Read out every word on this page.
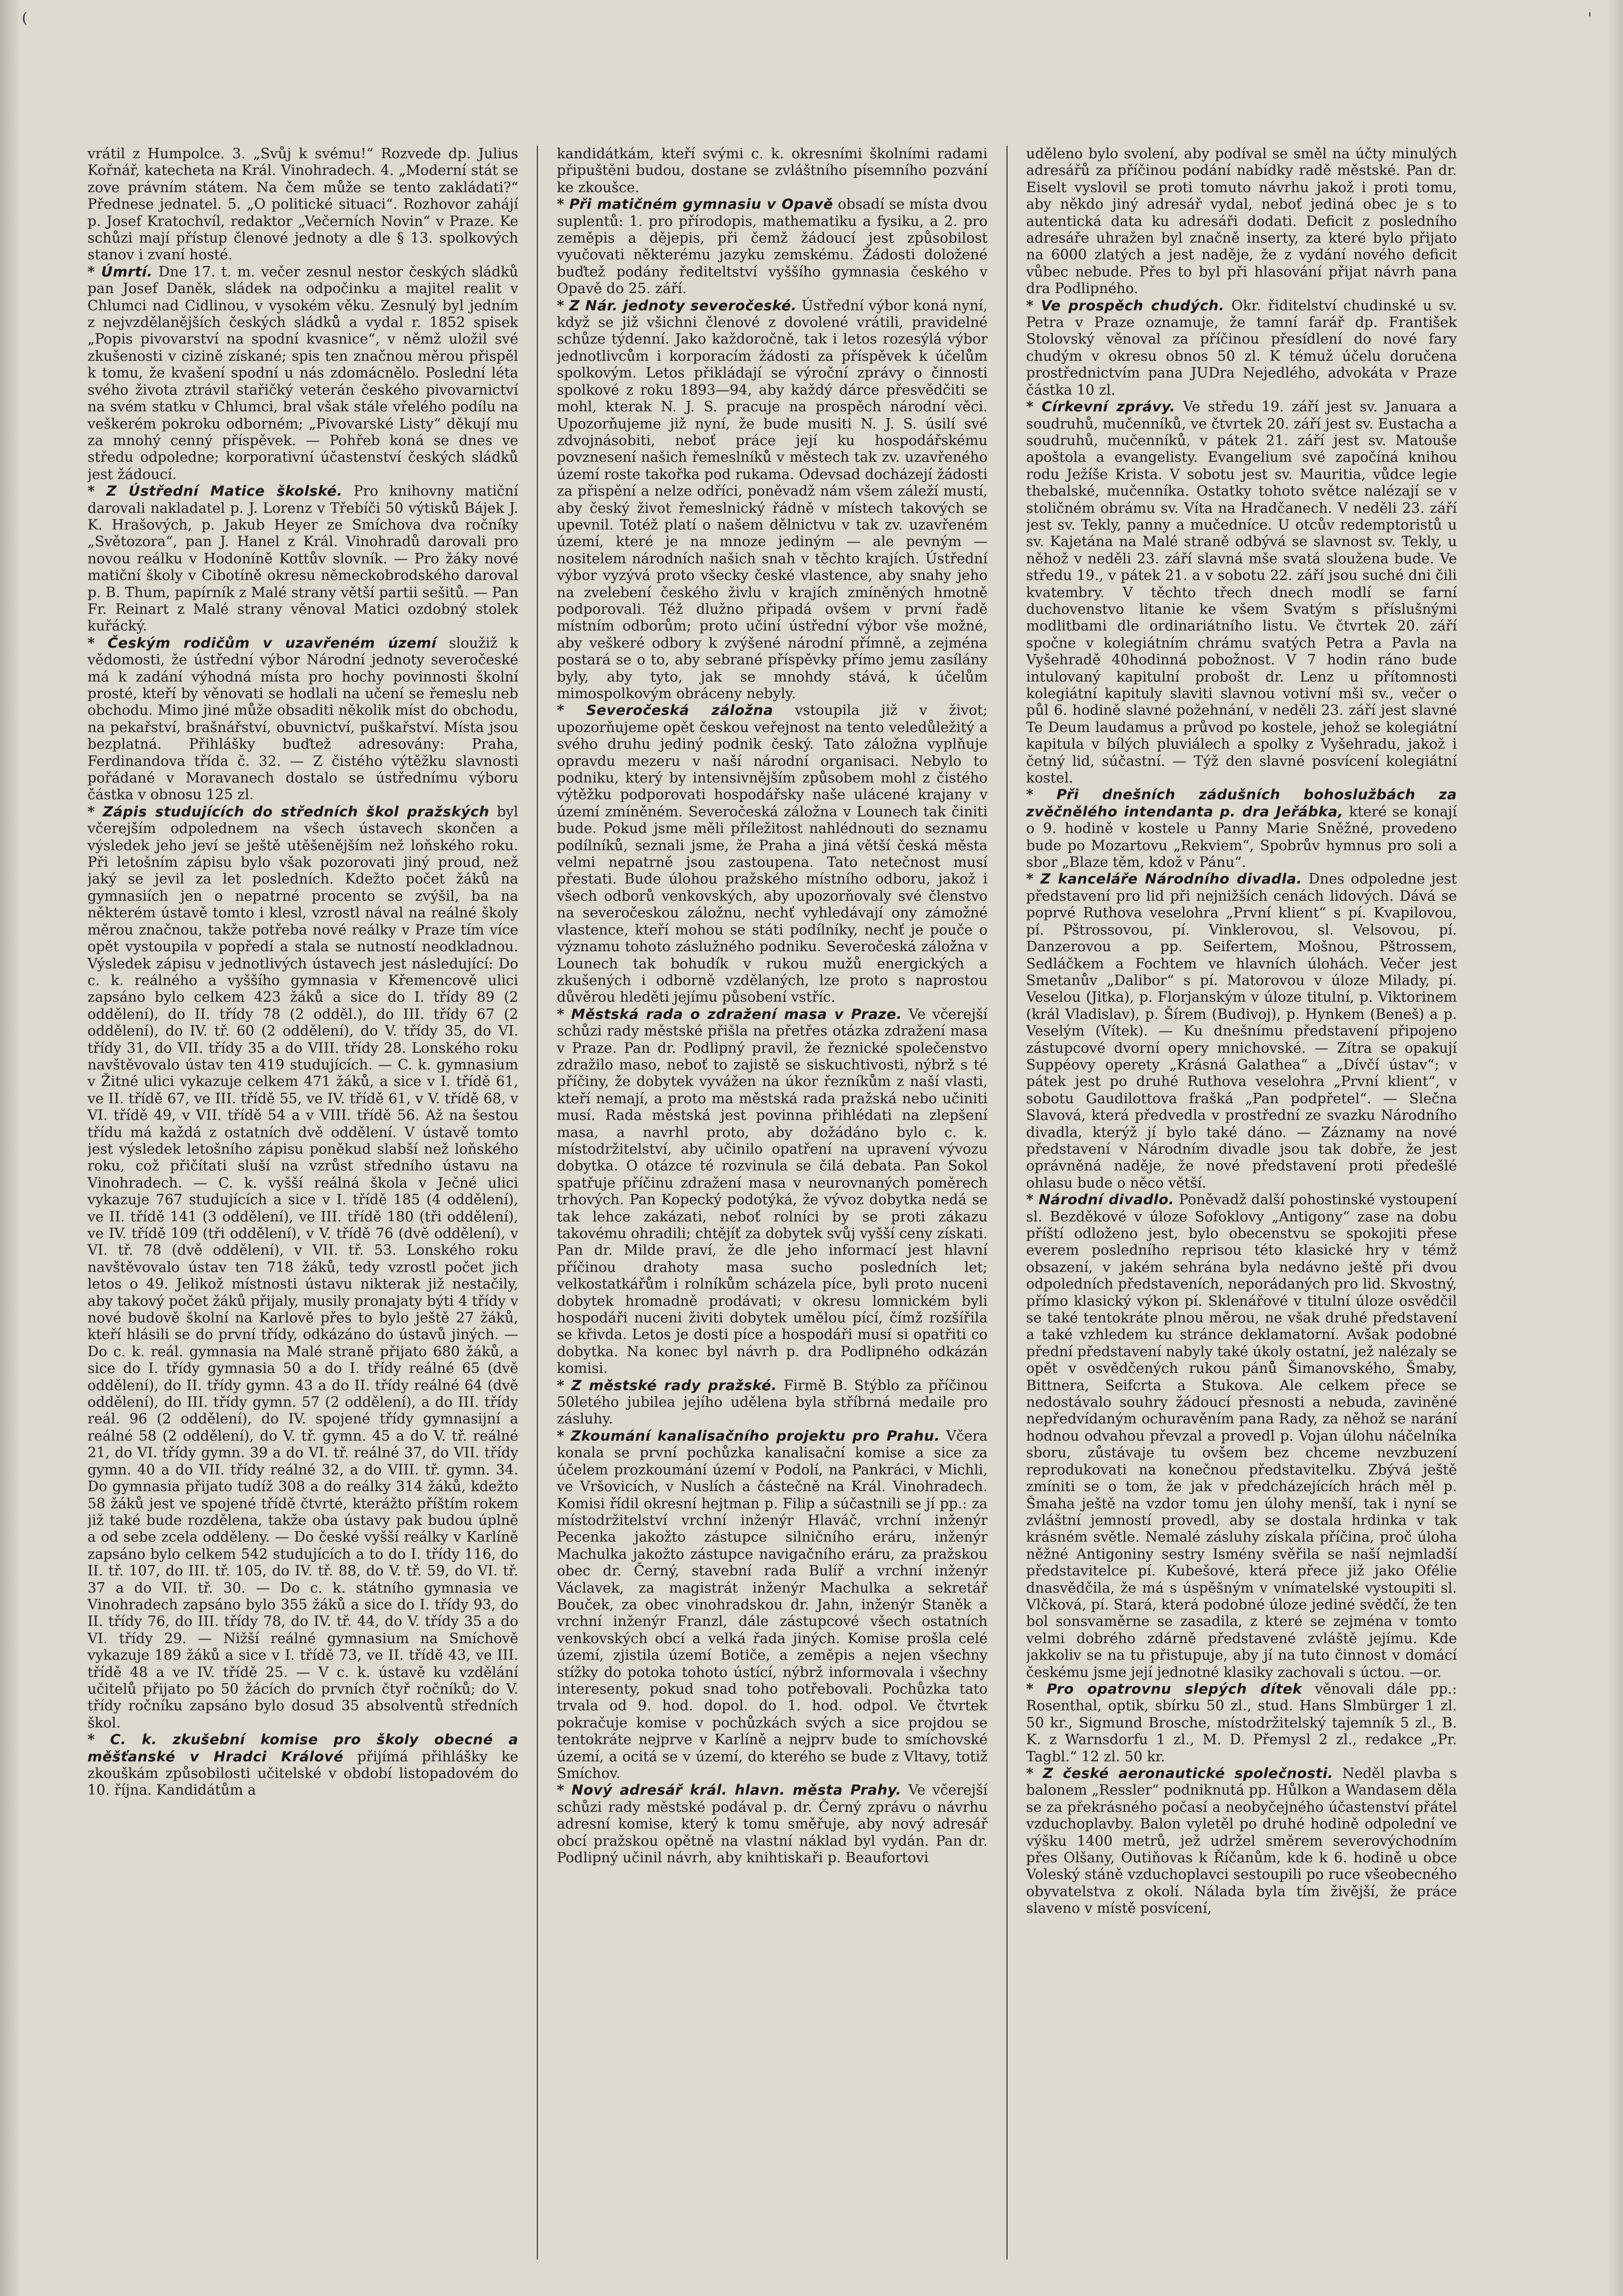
(	'

vrátil z Humpolce. 3. „Svůj k svému!“ Rozvede dp. Julius Kořnář, katecheta na Král. Vinohradech. 4. „Moderní stát se zove právním státem. Na čem může se tento zakládati?“ Přednese jednatel. 5. „O politické situaci“. Rozhovor zahájí p. Josef Kratochvíl, redaktor „Večerních Novin“ v Praze. Ke schůzi mají přístup členové jednoty a dle § 13. spolkových stanov i zvaní hosté.

* Úmrtí. Dne 17. t. m. večer zesnul nestor českých sládků pan Josef Daněk, sládek na odpočinku a majitel realit v Chlumci nad Cidlinou, v vysokém věku. Zesnulý byl jedním z nejvzdělanějších českých sládků a vydal r. 1852 spisek „Popis pivovarství na spodní kvasnice“, v němž uložil své zkušenosti v cizině získané; spis ten značnou měrou přispěl k tomu, že kvašení spodní u nás zdomácnělo. Poslední léta svého života ztrávil stařičký veterán českého pivovarnictví na svém statku v Chlumci, bral však stále vřelého podílu na veškerém pokroku odborném; „Pivovarské Listy“ děkují mu za mnohý cenný příspěvek. — Pohřeb koná se dnes ve středu odpoledne; korporativní účastenství českých sládků jest žádoucí.

* Z Ústřední Matice školské. Pro knihovny matiční darovali nakladatel p. J. Lorenz v Třebíči 50 výtisků Bájek J. K. Hrašových, p. Jakub Heyer ze Smíchova dva ročníky „Světozora“, pan J. Hanel z Král. Vinohradů darovali pro novou reálku v Hodoníně Kottův slovník. — Pro žáky nové matiční školy v Cibotíně okresu německobrodského daroval p. B. Thum, papírník z Malé strany větší partii sešitů. — Pan Fr. Reinart z Malé strany věnoval Matici ozdobný stolek kuřácký.

* Českým rodičům v uzavřeném území sloužiž k vědomosti, že ústřední výbor Národní jednoty severočeské má k zadání výhodná místa pro hochy povinnosti školní prosté, kteří by věnovati se hodlali na učení se řemeslu neb obchodu. Mimo jiné může obsaditi několik míst do obchodu, na pekařství, brašnářství, obuvnictví, puškařství. Místa jsou bezplatná. Přihlášky buďtež adresovány: Praha, Ferdinandova třída č. 32. — Z čistého výtěžku slavnosti pořádané v Moravanech dostalo se ústřednímu výboru částka v obnosu 125 zl.

* Zápis studujících do středních škol pražských byl včerejším odpolednem na všech ústavech skončen a výsledek jeho jeví se ještě utěšenějším než loňského roku. Při letošním zápisu bylo však pozorovati jiný proud, než jaký se jevil za let posledních. Kdežto počet žáků na gymnasiích jen o nepatrné procento se zvýšil, ba na některém ústavě tomto i klesl, vzrostl nával na reálné školy měrou značnou, takže potřeba nové reálky v Praze tím více opět vystoupila v popředí a stala se nutností neodkladnou. Výsledek zápisu v jednotlivých ústavech jest následující: Do c. k. reálného a vyššího gymnasia v Křemencově ulici zapsáno bylo celkem 423 žáků a sice do I. třídy 89 (2 oddělení), do II. třídy 78 (2 odděl.), do III. třídy 67 (2 oddělení), do IV. tř. 60 (2 oddělení), do V. třídy 35, do VI. třídy 31, do VII. třídy 35 a do VIII. třídy 28. Lonského roku navštěvovalo ústav ten 419 studujících. — C. k. gymnasium v Žitné ulici vykazuje celkem 471 žáků, a sice v I. třídě 61, ve II. třídě 67, ve III. třídě 55, ve IV. třídě 61, v V. třídě 68, v VI. třídě 49, v VII. třídě 54 a v VIII. třídě 56. Až na šestou třídu má každá z ostatních dvě oddělení. V ústavě tomto jest výsledek letošního zápisu poněkud slabší než loňského roku, což přičítati sluší na vzrůst středního ústavu na Vinohradech. — C. k. vyšší reálná škola v Ječné ulici vykazuje 767 studujících a sice v I. třídě 185 (4 oddělení), ve II. třídě 141 (3 oddělení), ve III. třídě 180 (tři oddělení), ve IV. třídě 109 (tři oddělení), v V. třídě 76 (dvě oddělení), v VI. tř. 78 (dvě oddělení), v VII. tř. 53. Lonského roku navštěvovalo ústav ten 718 žáků, tedy vzrostl počet jich letos o 49. Jelikož místnosti ústavu nikterak již nestačily, aby takový počet žáků přijaly, musily pronajaty býti 4 třídy v nové budově školní na Karlově přes to bylo ještě 27 žáků, kteří hlásili se do první třídy, odkázáno do ústavů jiných. — Do c. k. reál. gymnasia na Malé straně přijato 680 žáků, a sice do I. třídy gymnasia 50 a do I. třídy reálné 65 (dvě oddělení), do II. třídy gymn. 43 a do II. třídy reálné 64 (dvě oddělení), do III. třídy gymn. 57 (2 oddělení), a do III. třídy reál. 96 (2 oddělení), do IV. spojené třídy gymnasijní a reálné 58 (2 oddělení), do V. tř. gymn. 45 a do V. tř. reálné 21, do VI. třídy gymn. 39 a do VI. tř. reálné 37, do VII. třídy gymn. 40 a do VII. třídy reálné 32, a do VIII. tř. gymn. 34. Do gymnasia přijato tudíž 308 a do reálky 314 žáků, kdežto 58 žáků jest ve spojené třídě čtvrté, kterážto příštím rokem již také bude rozdělena, takže oba ústavy pak budou úplně a od sebe zcela odděleny. — Do české vyšší reálky v Karlíně zapsáno bylo celkem 542 studujících a to do I. třídy 116, do II. tř. 107, do III. tř. 105, do IV. tř. 88, do V. tř. 59, do VI. tř. 37 a do VII. tř. 30. — Do c. k. státního gymnasia ve Vinohradech zapsáno bylo 355 žáků a sice do I. třídy 93, do II. třídy 76, do III. třídy 78, do IV. tř. 44, do V. třídy 35 a do VI. třídy 29. — Nižší reálné gymnasium na Smíchově vykazuje 189 žáků a sice v I. třídě 73, ve II. třídě 43, ve III. třídě 48 a ve IV. třídě 25. — V c. k. ústavě ku vzdělání učitelů přijato po 50 žácích do prvních čtyř ročníků; do V. třídy ročníku zapsáno bylo dosud 35 absolventů středních škol.

* C. k. zkušební komise pro školy obecné a měšťanské v Hradci Králové přijímá přihlášky ke zkouškám způsobilosti učitelské v období listopadovém do 10. října. Kandidátům a

kandidátkám, kteří svými c. k. okresními školními radami připuštěni budou, dostane se zvláštního písemního pozvání ke zkoušce.

* Při matičném gymnasiu v Opavě obsadí se místa dvou suplentů: 1. pro přírodopis, mathematiku a fysiku, a 2. pro zeměpis a dějepis, při čemž žádoucí jest způsobilost vyučovati některému jazyku zemskému. Žádosti doložené buďtež podány řediteltství vyššího gymnasia českého v Opavě do 25. září.

* Z Nár. jednoty severočeské. Ústřední výbor koná nyní, když se již všichni členové z dovolené vrátili, pravidelné schůze týdenní. Jako každoročně, tak i letos rozesýlá výbor jednotlivcům i korporacím žádosti za příspěvek k účelům spolkovým. Letos přikládají se výroční zprávy o činnosti spolkové z roku 1893—94, aby každý dárce přesvědčiti se mohl, kterak N. J. S. pracuje na prospěch národní věci. Upozorňujeme již nyní, že bude musiti N. J. S. úsilí své zdvojnásobiti, neboť práce její ku hospodářskému povznesení našich řemeslníků v městech tak zv. uzavřeného území roste takořka pod rukama. Odevsad docházejí žádosti za přispění a nelze odříci, poněvadž nám všem záleží mustí, aby český život řemeslnický řádně v místech takových se upevnil. Totéž platí o našem dělnictvu v tak zv. uzavřeném území, které je na mnoze jediným — ale pevným — nositelem národních našich snah v těchto krajích. Ústřední výbor vyzývá proto všecky české vlastence, aby snahy jeho na zvelebení českého živlu v krajích zmíněných hmotně podporovali. Též dlužno připadá ovšem v první řadě místním odborům; proto učiní ústřední výbor vše možné, aby veškeré odbory k zvýšené národní přímně, a zejména postará se o to, aby sebrané příspěvky přímo jemu zasílány byly, aby tyto, jak se mnohdy stává, k účelům mimospolkovým obráceny nebyly.

* Severočeská záložna vstoupila již v život; upozorňujeme opět českou veřejnost na tento veledůležitý a svého druhu jediný podnik český. Tato záložna vyplňuje opravdu mezeru v naší národní organisaci. Nebylo to podniku, který by intensivnějším způsobem mohl z čistého výtěžku podporovati hospodářsky naše ulácené krajany v území zmíněném. Severočeská záložna v Lounech tak činiti bude. Pokud jsme měli příležitost nahlédnouti do seznamu podílníků, seznali jsme, že Praha a jiná větší česká města velmi nepatrně jsou zastoupena. Tato netečnost musí přestati. Bude úlohou pražského místního odboru, jakož i všech odborů venkovských, aby upozorňovaly své členstvo na severočeskou záložnu, nechť vyhledávají ony zámožné vlastence, kteří mohou se státi podílníky, nechť je pouče o významu tohoto záslužného podniku. Severočeská záložna v Lounech tak bohudík v rukou mužů energických a zkušených i odborně vzdělaných, lze proto s naprostou důvěrou hleděti jejímu působení vstříc.

* Městská rada o zdražení masa v Praze. Ve včerejší schůzi rady městské přišla na přetřes otázka zdražení masa v Praze. Pan dr. Podlipný pravil, že řeznické společenstvo zdražilo maso, neboť to zajistě se siskuchtivosti, nýbrž s té příčiny, že dobytek vyvážen na úkor řezníkům z naší vlasti, kteří nemají, a proto ma městská rada pražská nebo učiniti musí. Rada městská jest povinna přihlédati na zlepšení masa, a navrhl proto, aby dožádáno bylo c. k. místodržitelství, aby učinilo opatření na upravení vývozu dobytka. O otázce té rozvinula se čilá debata. Pan Sokol spatřuje příčinu zdražení masa v neurovnaných poměrech trhových. Pan Kopecký podotýká, že vývoz dobytka nedá se tak lehce zakázati, neboť rolníci by se proti zákazu takovému ohradili; chtějíť za dobytek svůj vyšší ceny získati. Pan dr. Milde praví, že dle jeho informací jest hlavní příčinou drahoty masa sucho posledních let; velkostatkářům i rolníkům scházela píce, byli proto nuceni dobytek hromadně prodávati; v okresu lomnickém byli hospodáři nuceni živiti dobytek umělou pící, čímž rozšířila se křivda. Letos je dosti píce a hospodáři musí si opatřiti co dobytka. Na konec byl návrh p. dra Podlipného odkázán komisi.

* Z městské rady pražské. Firmě B. Stýblo za příčinou 50letého jubilea jejího udělena byla stříbrná medaile pro zásluhy.

* Zkoumání kanalisačního projektu pro Prahu. Včera konala se první pochůzka kanalisační komise a sice za účelem prozkoumání území v Podolí, na Pankráci, v Michli, ve Vršovicích, v Nuslích a částečně na Král. Vinohradech. Komisi řídil okresní hejtman p. Filip a súčastnili se jí pp.: za místodržitelství vrchní inženýr Hlaváč, vrchní inženýr Pecenka jakožto zástupce silničního eráru, inženýr Machulka jakožto zástupce navigačního eráru, za pražskou obec dr. Černý, stavební rada Bulíř a vrchní inženýr Václavek, za magistrát inženýr Machulka a sekretář Bouček, za obec vinohradskou dr. Jahn, inženýr Staněk a vrchní inženýr Franzl, dále zástupcové všech ostatních venkovských obcí a velká řada jiných. Komise prošla celé území, zjistila území Botiče, a zeměpis a nejen všechny stížky do potoka tohoto ústící, nýbrž informovala i všechny interesenty, pokud snad toho potřebovali. Pochůzka tato trvala od 9. hod. dopol. do 1. hod. odpol. Ve čtvrtek pokračuje komise v pochůzkách svých a sice projdou se tentokráte nejprve v Karlíně a nejprv bude to smíchovské území, a ocitá se v území, do kterého se bude z Vltavy, totiž Smíchov.

* Nový adresář král. hlavn. města Prahy. Ve včerejší schůzi rady městské podával p. dr. Černý zprávu o návrhu adresní komise, který k tomu směřuje, aby nový adresář obcí pražskou opětně na vlastní náklad byl vydán. Pan dr. Podlipný učinil návrh, aby knihtiskaři p. Beaufortovi

uděleno bylo svolení, aby podíval se směl na účty minulých adresářů za příčinou podání nabídky radě městské. Pan dr. Eiselt vyslovil se proti tomuto návrhu jakož i proti tomu, aby někdo jiný adresář vydal, neboť jediná obec je s to autentická data ku adresáři dodati. Deficit z posledního adresáře uhražen byl značně inserty, za které bylo přijato na 6000 zlatých a jest naděje, že z vydání nového deficit vůbec nebude. Přes to byl při hlasování přijat návrh pana dra Podlipného.

* Ve prospěch chudých. Okr. řiditelství chudinské u sv. Petra v Praze oznamuje, že tamní farář dp. František Stolovský věnoval za příčinou přesídlení do nové fary chudým v okresu obnos 50 zl. K témuž účelu doručena prostřednictvím pana JUDra Nejedlého, advokáta v Praze částka 10 zl.

* Církevní zprávy. Ve středu 19. září jest sv. Januara a soudruhů, mučenníků, ve čtvrtek 20. září jest sv. Eustacha a soudruhů, mučenníků, v pátek 21. září jest sv. Matouše apoštola a evangelisty. Evangelium své započíná knihou rodu Ježíše Krista. V sobotu jest sv. Mauritia, vůdce legie thebalské, mučenníka. Ostatky tohoto světce nalézají se v stoličném obrámu sv. Víta na Hradčanech. V neděli 23. září jest sv. Tekly, panny a mučedníce. U otcův redemptoristů u sv. Kajetána na Malé straně odbývá se slavnost sv. Tekly, u něhož v neděli 23. září slavná mše svatá sloužena bude. Ve středu 19., v pátek 21. a v sobotu 22. září jsou suché dni čili kvatembry. V těchto třech dnech modlí se farní duchovenstvo litanie ke všem Svatým s příslušnými modlitbami dle ordinariátního listu. Ve čtvrtek 20. září spočne v kolegiátním chrámu svatých Petra a Pavla na Vyšehradě 40hodinná pobožnost. V 7 hodin ráno bude intulovaný kapitulní probošt dr. Lenz u přítomnosti kolegiátní kapituly slaviti slavnou votivní mši sv., večer o půl 6. hodině slavné požehnání, v neděli 23. září jest slavné Te Deum laudamus a průvod po kostele, jehož se kolegiátní kapitula v bílých pluviálech a spolky z Vyšehradu, jakož i četný lid, súčastní. — Týž den slavné posvícení kolegiátní kostel.

* Při dnešních zádušních bohoslužbách za zvěčnělého intendanta p. dra Jeřábka, které se konají o 9. hodině v kostele u Panny Marie Sněžné, provedeno bude po Mozartovu „Rekviem“, Spobrův hymnus pro soli a sbor „Blaze těm, kdož v Pánu“.

* Z kanceláře Národního divadla. Dnes odpoledne jest představení pro lid při nejnižších cenách lidových. Dává se poprvé Ruthova veselohra „První klient“ s pí. Kvapilovou, pí. Pštrossovou, pí. Vinklerovou, sl. Velsovou, pí. Danzerovou a pp. Seifertem, Mošnou, Pštrossem, Sedláčkem a Fochtem ve hlavních úlohách. Večer jest Smetanův „Dalibor“ s pí. Matorovou v úloze Milady, pí. Veselou (Jitka), p. Florjanským v úloze titulní, p. Viktorinem (král Vladislav), p. Šírem (Budivoj), p. Hynkem (Beneš) a p. Veselým (Vítek). — Ku dnešnímu představení připojeno zástupcové dvorní opery mnichovské. — Zítra se opakují Suppéovy operety „Krásná Galathea“ a „Dívčí ústav“; v pátek jest po druhé Ruthova veselohra „První klient“, v sobotu Gaudilottova frašká „Pan podpřetel“. — Slečna Slavová, která předvedla v prostřední ze svazku Národního divadla, kterýž jí bylo také dáno. — Záznamy na nové představení v Národním divadle jsou tak dobře, že jest oprávněná naděje, že nové představení proti předešlé ohlasu bude o něco větší.

* Národní divadlo. Poněvadž další pohostinské vystoupení sl. Bezděkové v úloze Sofoklovy „Antigony“ zase na dobu příští odloženo jest, bylo obecenstvu se spokojiti přese everem posledního reprisou této klasické hry v témž obsazení, v jakém sehrána byla nedávno ještě při dvou odpoledních představeních, neporádaných pro lid. Skvostný, přímo klasický výkon pí. Sklenářové v titulní úloze osvědčil se také tentokráte plnou měrou, ne však druhé představení a také vzhledem ku stránce deklamatorní. Avšak podobné přední představení nabyly také úkoly ostatní, jež nalézaly se opět v osvědčených rukou pánů Šimanovského, Šmaby, Bittnera, Seifcrta a Stukova. Ale celkem přece se nedostávalo souhry žádoucí přesnosti a nebuda, zaviněné nepředvídaným ochuravěním pana Rady, za něhož se narání hodnou odvahou převzal a provedl p. Vojan úlohu náčelníka sboru, zůstávaje tu ovšem bez chceme nevzbuzení reprodukovati na konečnou představitelku. Zbývá ještě zmíniti se o tom, že jak v předcházejících hrách měl p. Šmaha ještě na vzdor tomu jen úlohy menší, tak i nyní se zvláštní jemností provedl, aby se dostala hrdinka v tak krásném světle. Nemalé zásluhy získala příčina, proč úloha něžné Antigoniny sestry Ismény svěřila se naší nejmladší představitelce pí. Kubešové, která přece již jako Ofélie dnasvědčila, že má s úspěšným v vnímatelské vystoupiti sl. Vlčková, pí. Stará, která podobné úloze jediné svědčí, že ten bol sonsvaměrne se zasadila, z které se zejména v tomto velmi dobrého zdárně představené zvláště jejímu. Kde jakkoliv se na tu přistupuje, aby jí na tuto činnost v domácí českému jsme její jednotné klasiky zachovali s úctou. —or.

* Pro opatrovnu slepých dítek věnovali dále pp.: Rosenthal, optik, sbírku 50 zl., stud. Hans Slmbürger 1 zl. 50 kr., Sigmund Brosche, místodržitelský tajemník 5 zl., B. K. z Warnsdorfu 1 zl., M. D. Přemysl 2 zl., redakce „Pr. Tagbl.“ 12 zl. 50 kr.

* Z české aeronautické společnosti. Neděl plavba s balonem „Ressler“ podniknutá pp. Hůlkon a Wandasem děla se za překrásného počasí a neobyčejného účastenství přátel vzduchoplavby. Balon vyletěl po druhé hodině odpolední ve výšku 1400 metrů, jež udržel směrem severovýchodním přes Olšany, Outiňovas k Říčanům, kde k 6. hodině u obce Voleský stáně vzduchoplavci sestoupili po ruce všeobecného obyvatelstva z okolí. Nálada byla tím živější, že práce slaveno v místě posvícení,
